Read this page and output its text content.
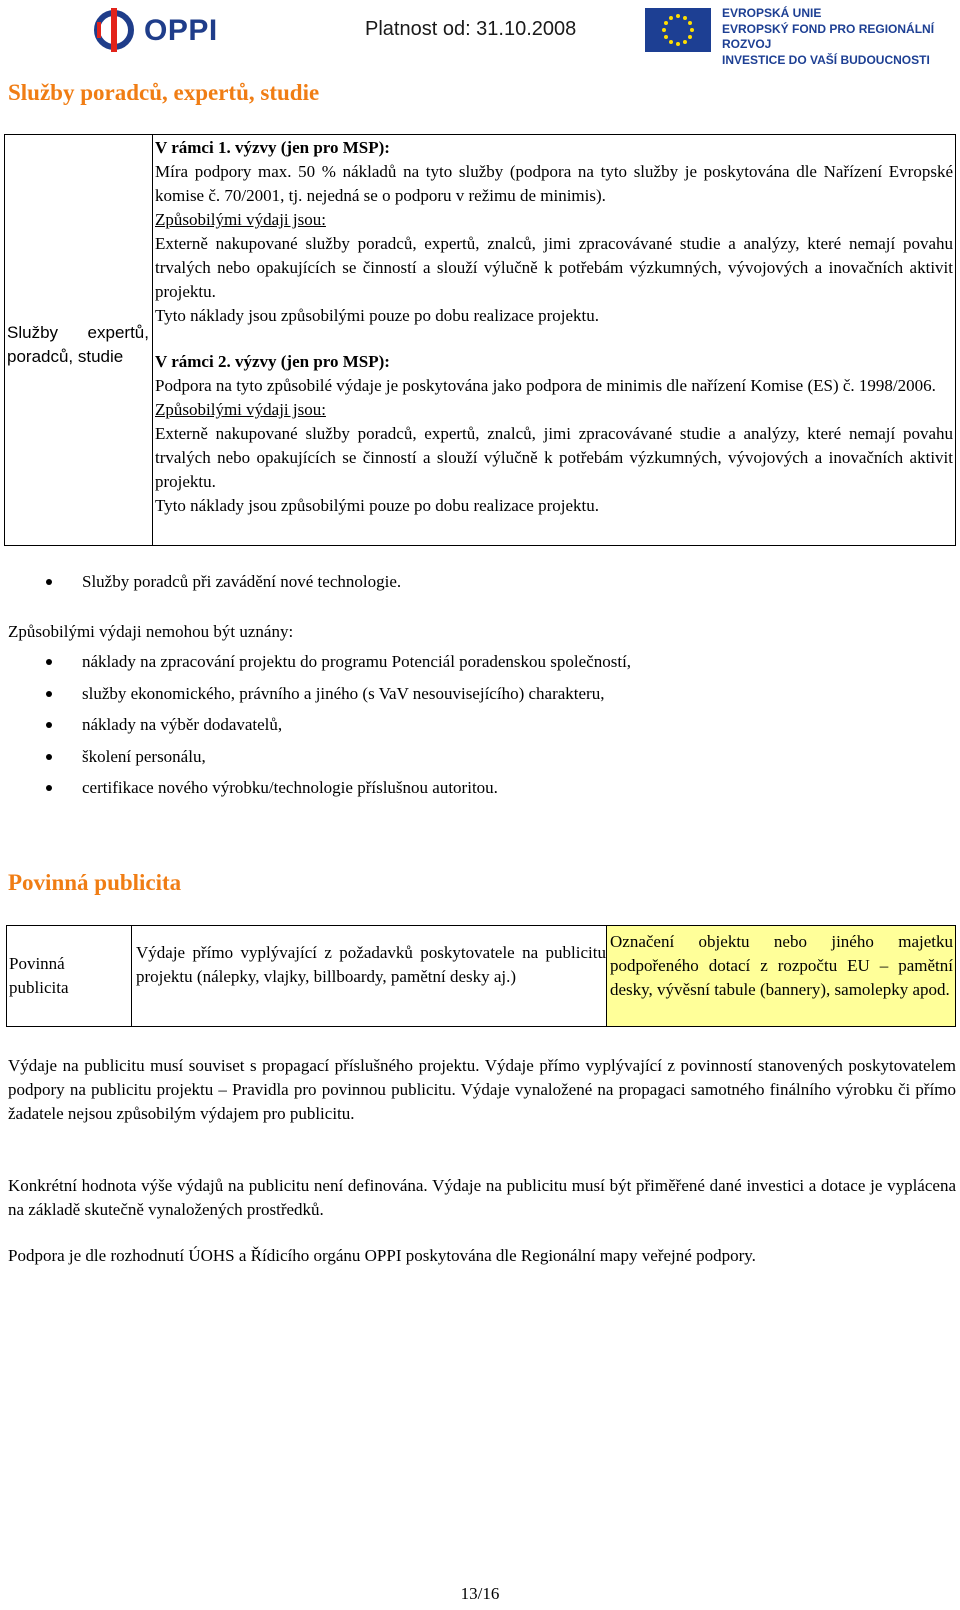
OPPI	Platnost od: 31.10.2008
EVROPSKÁ UNIE
EVROPSKÝ FOND PRO REGIONÁLNÍ ROZVOJ
INVESTICE DO VAŠÍ BUDOUCNOSTI
Služby poradců, expertů, studie
Služby expertů,
poradců, studie

V rámci 1. výzvy (jen pro MSP):

Míra podpory max. 50 % nákladů na tyto služby (podpora na tyto služby je poskytována dle Nařízení Evropské komise č. 70/2001, tj. nejedná se o podporu v režimu de minimis).

Způsobilými výdaji jsou:

Externě nakupované služby poradců, expertů, znalců, jimi zpracovávané studie a analýzy, které nemají povahu trvalých nebo opakujících se činností a slouží výlučně k potřebám výzkumných, vývojových a inovačních aktivit projektu.

Tyto náklady jsou způsobilými pouze po dobu realizace projektu.

V rámci 2. výzvy (jen pro MSP):

Podpora na tyto způsobilé výdaje je poskytována jako podpora de minimis dle nařízení Komise (ES) č. 1998/2006.

Způsobilými výdaji jsou:

Externě nakupované služby poradců, expertů, znalců, jimi zpracovávané studie a analýzy, které nemají povahu trvalých nebo opakujících se činností a slouží výlučně k potřebám výzkumných, vývojových a inovačních aktivit projektu.

Tyto náklady jsou způsobilými pouze po dobu realizace projektu.

Služby poradců při zavádění nové technologie.
Způsobilými výdaji nemohou být uznány:
náklady na zpracování projektu do programu Potenciál poradenskou společností,
služby ekonomického, právního a jiného (s VaV nesouvisejícího) charakteru,
náklady na výběr dodavatelů,
školení personálu,
certifikace nového výrobku/technologie příslušnou autoritou.
Povinná publicita
Povinná publicita
Výdaje přímo vyplývající z požadavků poskytovatele na publicitu projektu (nálepky, vlajky, billboardy, pamětní desky aj.)
Označení objektu nebo jiného majetku podpořeného dotací z rozpočtu EU – pamětní desky, vývěsní tabule (bannery), samolepky apod.
Výdaje na publicitu musí souviset s propagací příslušného projektu. Výdaje přímo vyplývající z povinností stanovených poskytovatelem podpory na publicitu projektu – Pravidla pro povinnou publicitu. Výdaje vynaložené na propagaci samotného finálního výrobku či přímo žadatele nejsou způsobilým výdajem pro publicitu.
Konkrétní hodnota výše výdajů na publicitu není definována. Výdaje na publicitu musí být přiměřené dané investici a dotace je vyplácena na základě skutečně vynaložených prostředků.
Podpora je dle rozhodnutí ÚOHS a Řídicího orgánu OPPI poskytována dle Regionální mapy veřejné podpory.
13/16
